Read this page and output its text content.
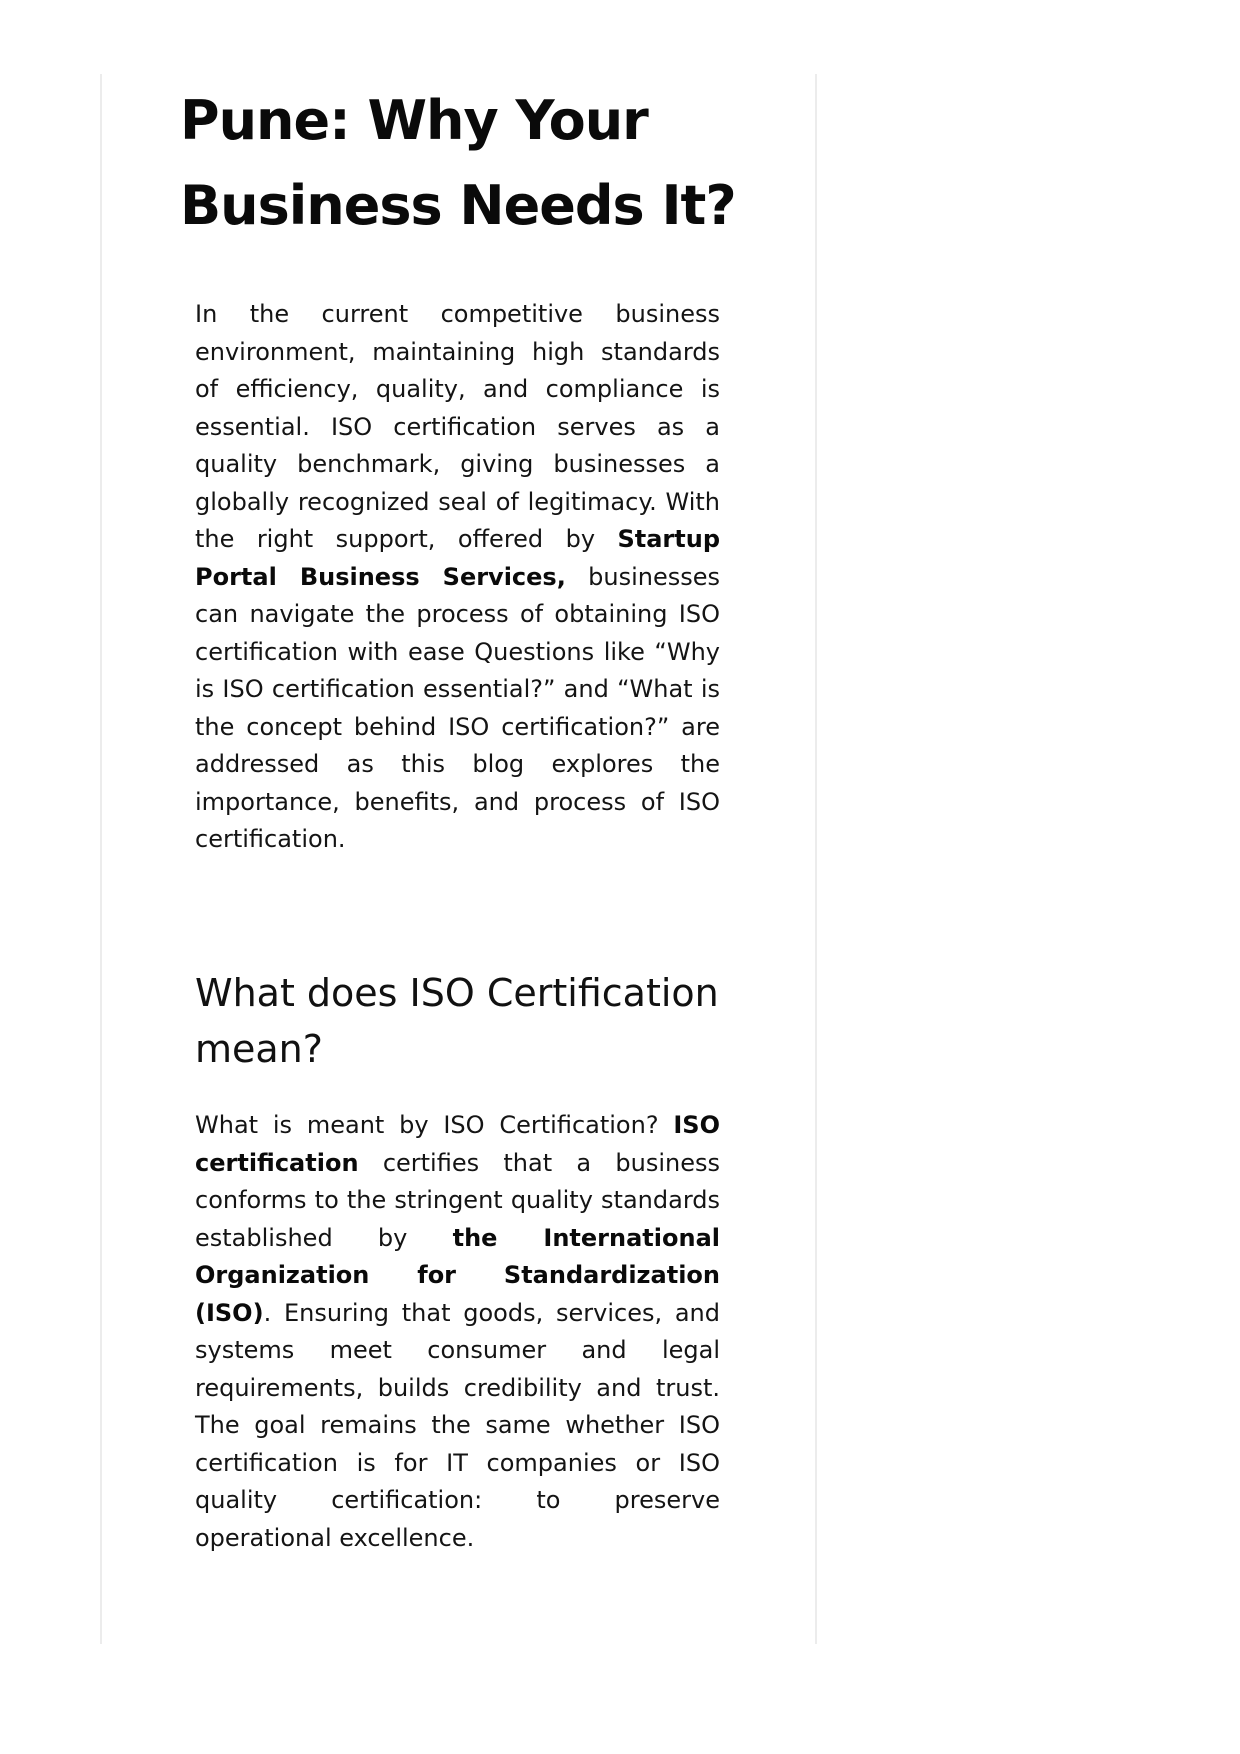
Pune: Why Your
Business Needs It?

In the current competitive business environment, maintaining high standards of efficiency, quality, and compliance is essential. ISO certification serves as a quality benchmark, giving businesses a globally recognized seal of legitimacy. With the right support, offered by Startup Portal Business Services, businesses can navigate the process of obtaining ISO certification with ease Questions like “Why is ISO certification essential?” and “What is the concept behind ISO certification?” are addressed as this blog explores the importance, benefits, and process of ISO certification.

What does ISO Certification mean?

What is meant by ISO Certification? ISO certification certifies that a business conforms to the stringent quality standards established by the International Organization for Standardization (ISO). Ensuring that goods, services, and systems meet consumer and legal requirements, builds credibility and trust. The goal remains the same whether ISO certification is for IT companies or ISO quality certification: to preserve operational excellence.
